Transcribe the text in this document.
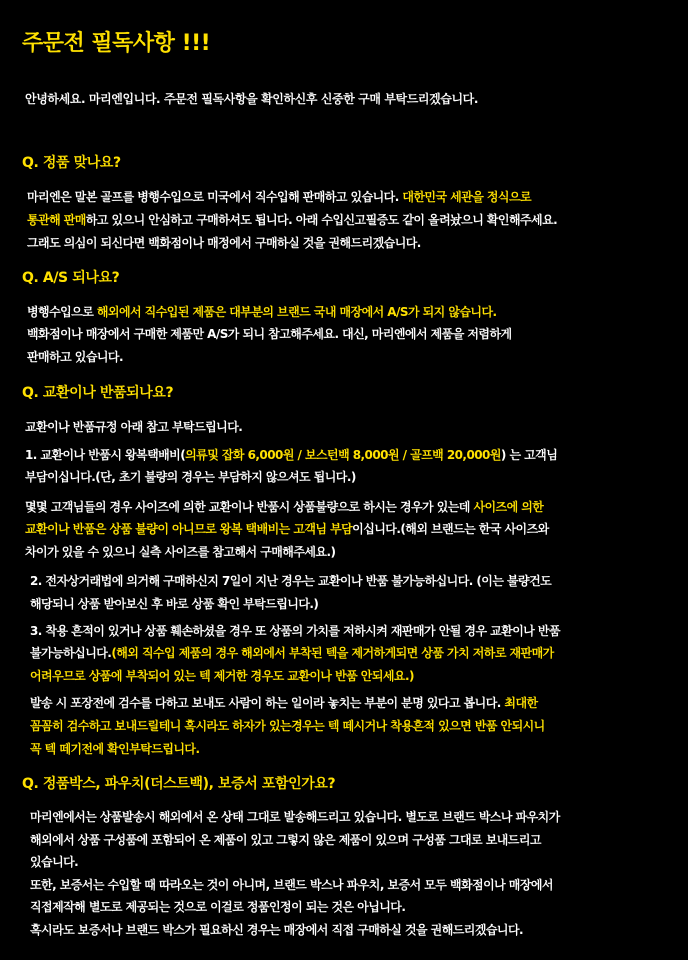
주문전 필독사항 !!!
안녕하세요. 마리엔입니다. 주문전 필독사항을 확인하신후 신중한 구매 부탁드리겠습니다.
Q. 정품 맞나요?
마리엔은 말본 골프를 병행수입으로 미국에서 직수입해 판매하고 있습니다. 대한민국 세관을 정식으로
통관해 판매하고 있으니 안심하고 구매하셔도 됩니다. 아래 수입신고필증도 같이 올려놨으니 확인해주세요.
그래도 의심이 되신다면 백화점이나 매정에서 구매하실 것을 권해드리겠습니다.
Q. A/S 되나요?
병행수입으로 해외에서 직수입된 제품은 대부분의 브랜드 국내 매장에서 A/S가 되지 않습니다.
백화점이나 매장에서 구매한 제품만 A/S가 되니 참고해주세요. 대신, 마리엔에서 제품을 저렴하게
판매하고 있습니다.
Q. 교환이나 반품되나요?
교환이나 반품규정 아래 참고 부탁드립니다.
1. 교환이나 반품시 왕복택배비(의류및 잡화 6,000원 / 보스턴백 8,000원 / 골프백 20,000원) 는 고객님
부담이십니다.(단, 초기 불량의 경우는 부담하지 않으셔도 됩니다.)
몇몇 고객님들의 경우 사이즈에 의한 교환이나 반품시 상품불량으로 하시는 경우가 있는데 사이즈에 의한
교환이나 반품은 상품 불량이 아니므로 왕복 택배비는 고객님 부담이십니다.(해외 브랜드는 한국 사이즈와
차이가 있을 수 있으니 실측 사이즈를 참고해서 구매해주세요.)
2. 전자상거래법에 의거해 구매하신지 7일이 지난 경우는 교환이나 반품 불가능하십니다. (이는 불량건도
해당되니 상품 받아보신 후 바로 상품 확인 부탁드립니다.)
3. 착용 흔적이 있거나 상품 훼손하셨을 경우 또 상품의 가치를 저하시켜 재판매가 안될 경우 교환이나 반품
불가능하십니다.(해외 직수입 제품의 경우 해외에서 부착된 텍을 제거하게되면 상품 가치 저하로 재판매가
어려우므로 상품에 부착되어 있는 텍 제거한 경우도 교환이나 반품 안되세요.)
발송 시 포장전에 검수를 다하고 보내도 사람이 하는 일이라 놓치는 부분이 분명 있다고 봅니다. 최대한
꼼꼼히 검수하고 보내드릴테니 혹시라도 하자가 있는경우는 텍 떼시거나 착용흔적 있으면 반품 안되시니
꼭 텍 떼기전에 확인부탁드립니다.
Q. 정품박스, 파우치(더스트백), 보증서 포함인가요?
마리엔에서는 상품발송시 해외에서 온 상태 그대로 발송해드리고 있습니다. 별도로 브랜드 박스나 파우치가
해외에서 상품 구성품에 포함되어 온 제품이 있고 그렇지 않은 제품이 있으며 구성품 그대로 보내드리고
있습니다.
또한, 보증서는 수입할 때 따라오는 것이 아니며, 브랜드 박스나 파우치, 보증서 모두 백화점이나 매장에서
직접제작해 별도로 제공되는 것으로 이걸로 정품인정이 되는 것은 아닙니다.
혹시라도 보증서나 브랜드 박스가 필요하신 경우는 매장에서 직접 구매하실 것을 권해드리겠습니다.
